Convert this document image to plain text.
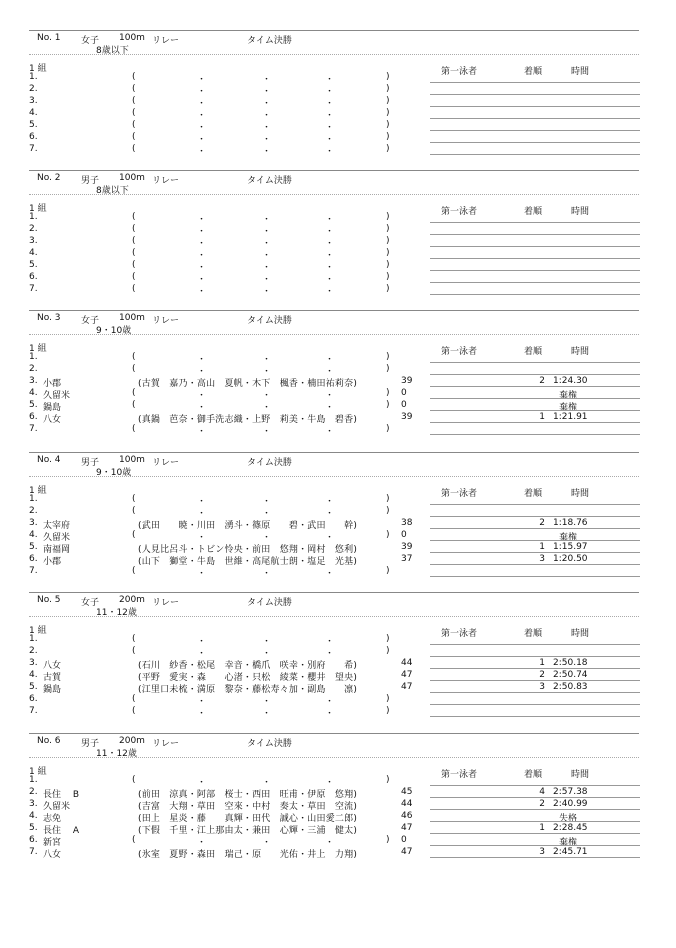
No. 1 女子 100m リレー
8歳以下
タイム決勝
1 組	第一泳者	着順	時間
1.	(	・	・	・	)
2.	(	・	・	・	)
3.	(	・	・	・	)
4.	(	・	・	・	)
5.	(	・	・	・	)
6.	(	・	・	・	)
7.	(	・	・	・	)
No. 2 男子 100m リレー
8歳以下
タイム決勝
1 組	第一泳者	着順	時間
1.	(	・	・	・	)
2.	(	・	・	・	)
3.	(	・	・	・	)
4.	(	・	・	・	)
5.	(	・	・	・	)
6.	(	・	・	・	)
7.	(	・	・	・	)
No. 3 女子 100m リレー
9・10歳
タイム決勝
1 組	第一泳者	着順	時間
1.	(	・	・	・	)
2.	(	・	・	・	)
3. 小郡	(古賀　嘉乃・高山　夏帆・木下　楓香・楠田祐莉奈)	39	2 1:24.30
4. 久留米	(	・	・	・	) 0	棄権
5. 鍋島	(	・	・	・	) 0	棄権
6. 八女	(真鍋　芭奈・御手洗志織・上野　莉美・牛島　碧香)	39	1 1:21.91
7.	(	・	・	・	)
No. 4 男子 100m リレー
9・10歳
タイム決勝
1 組	第一泳者	着順	時間
1.	(	・	・	・	)
2.	(	・	・	・	)
3. 太宰府	(武田　　暁・川田　湧斗・篠原　　碧・武田　　幹)	38	2 1:18.76
4. 久留米	(	・	・	・	) 0	棄権
5. 南福岡	(人見比呂斗・トビン怜央・前田　悠翔・岡村　悠利)	39	1 1:15.97
6. 小郡	(山下　獅堂・牛島　世維・高尾航士朗・塩足　光基)	37	3 1:20.50
7.	(	・	・	・	)
No. 5 女子 200m リレー
11・12歳
タイム決勝
1 組	第一泳者	着順	時間
1.	(	・	・	・	)
2.	(	・	・	・	)
3. 八女	(石川　紗香・松尾　幸音・橋爪　咲幸・別府　　希)	44	1 2:50.18
4. 古賀	(平野　愛実・森　　心渚・只松　綾菜・櫻井　望央)	47	2 2:50.74
5. 鍋島	(江里口未梳・満原　黎奈・藤松寿々加・副島　　凛)	47	3 2:50.83
6.	(	・	・	・	)
7.	(	・	・	・	)
No. 6 男子 200m リレー
11・12歳
タイム決勝
1 組	第一泳者	着順	時間
1.	(	・	・	・	)
2. 長住　 B	(前田　涼真・阿部　桜士・西田　旺甫・伊原　悠翔)	45	4 2:57.38
3. 久留米	(吉富　大翔・草田　空來・中村　奏太・草田　空流)	44	2 2:40.99
4. 志免	(田上　星炎・藤　　真輝・田代　誠心・山田愛二郎)	46	失格
5. 長住　 A	(下假　千里・江上那由太・兼田　心輝・三浦　健太)	47	1 2:28.45
6. 新宮	(	・	・	・	) 0	棄権
7. 八女	(氷室　夏野・森田　瑞己・原　　光佑・井上　力翔)	47	3 2:45.71
